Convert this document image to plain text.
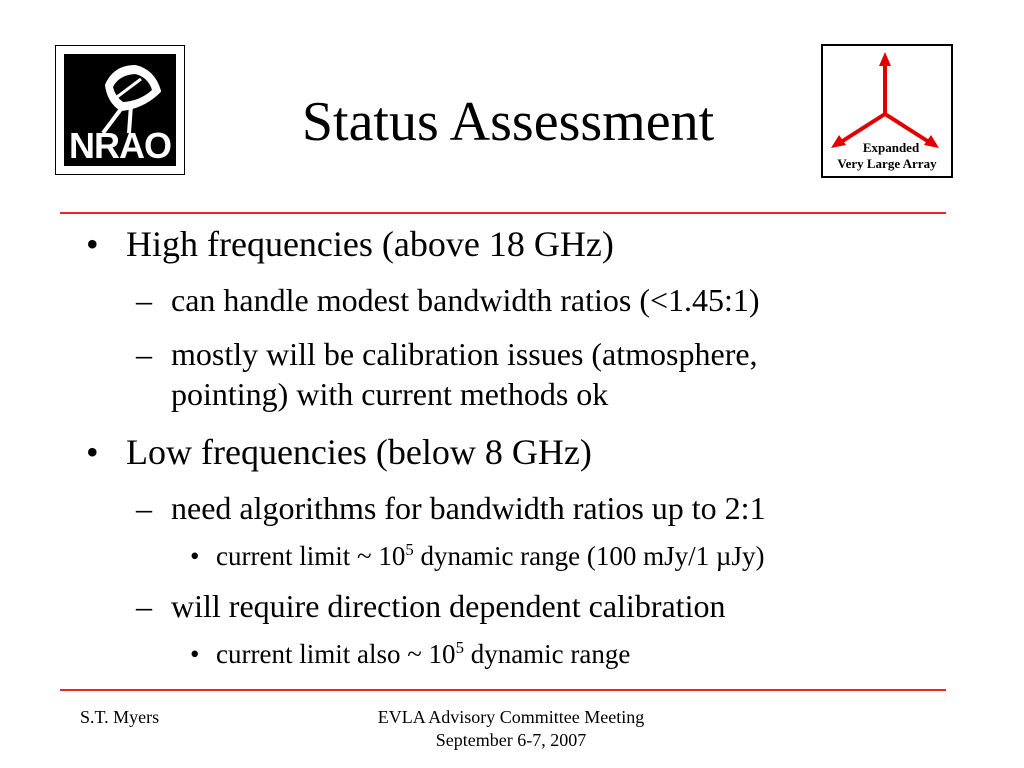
NRAO	Status Assessment	Expanded
Very Large Array
• High frequencies (above 18 GHz)
– can handle modest bandwidth ratios (<1.45:1)
– mostly will be calibration issues (atmosphere,
pointing) with current methods ok
• Low frequencies (below 8 GHz)
– need algorithms for bandwidth ratios up to 2:1
• current limit ~ $10^5$ dynamic range (100 mJy/1 µJy)
– will require direction dependent calibration
• current limit also ~ $10^5$ dynamic range
S.T. Myers	EVLA Advisory Committee Meeting
September 6-7, 2007
